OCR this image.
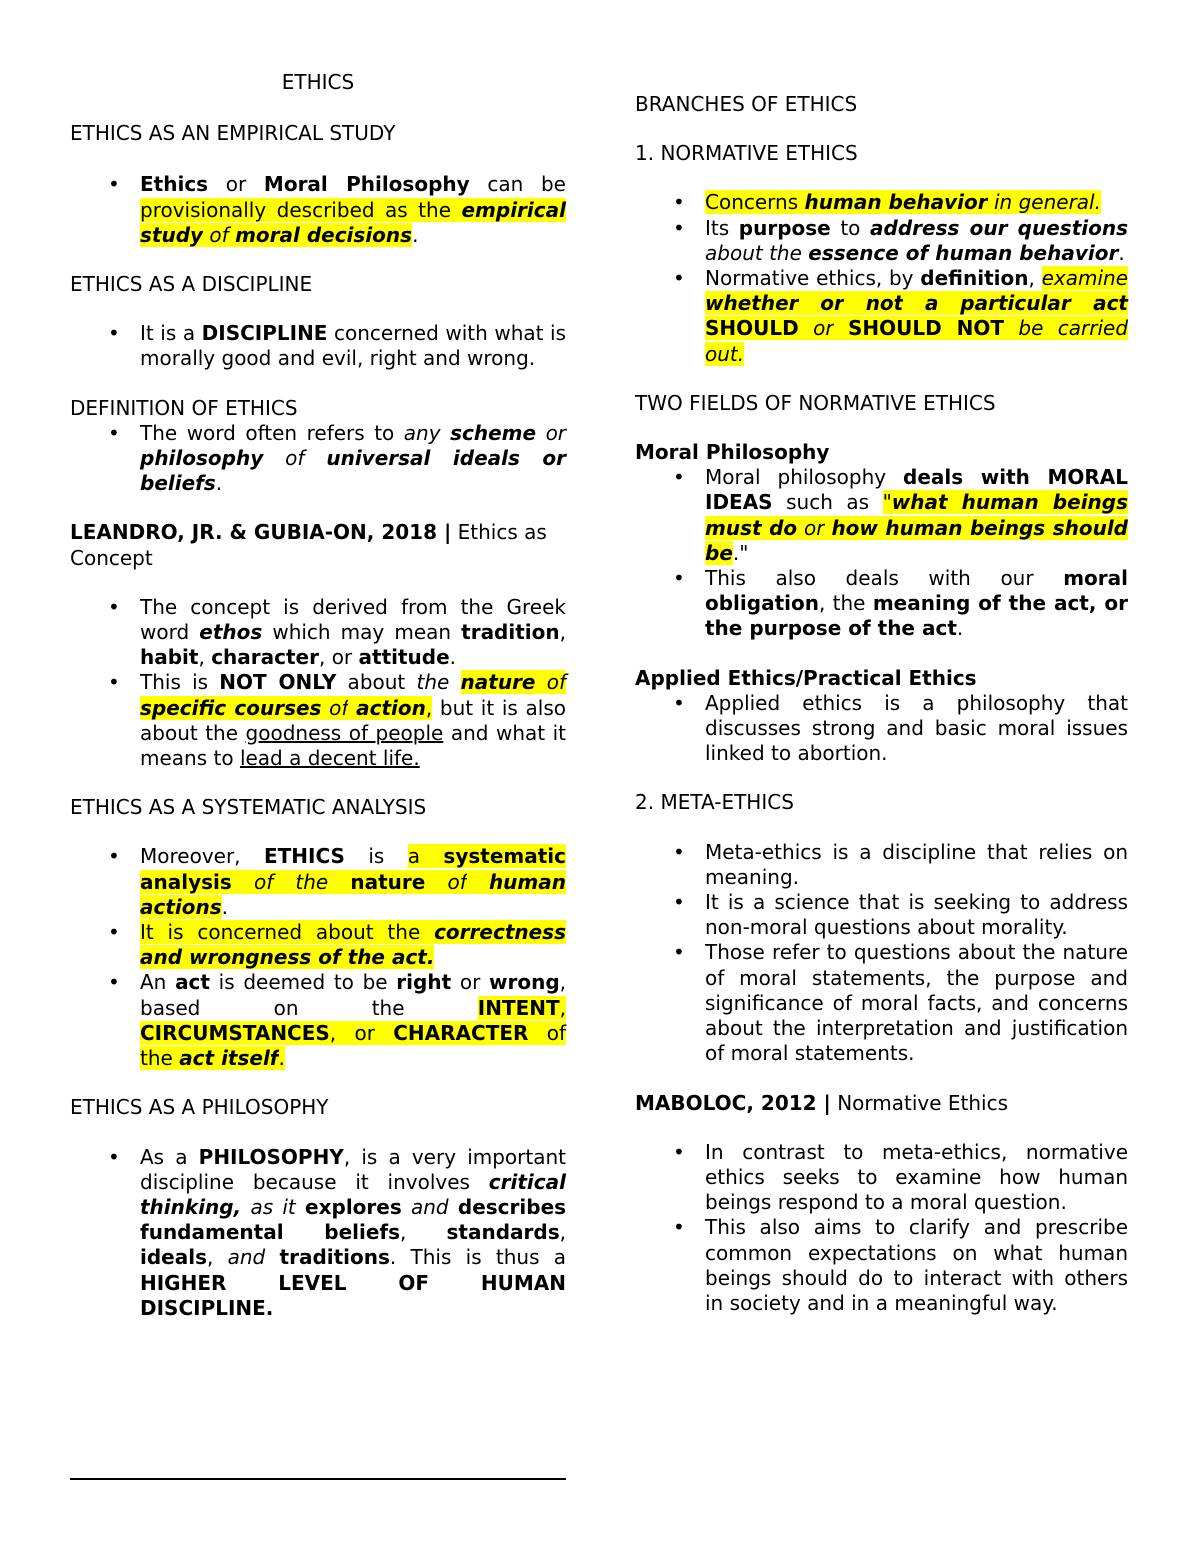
ETHICS

ETHICS AS AN EMPIRICAL STUDY

• Ethics or Moral Philosophy can be provisionally described as the empirical study of moral decisions.

ETHICS AS A DISCIPLINE

• It is a DISCIPLINE concerned with what is morally good and evil, right and wrong.

DEFINITION OF ETHICS

• The word often refers to any scheme or philosophy of universal ideals or beliefs.

LEANDRO, JR. & GUBIA-ON, 2018 | Ethics as Concept

• The concept is derived from the Greek word ethos which may mean tradition, habit, character, or attitude.
• This is NOT ONLY about the nature of specific courses of action, but it is also about the goodness of people and what it means to lead a decent life.

ETHICS AS A SYSTEMATIC ANALYSIS

• Moreover, ETHICS is a systematic analysis of the nature of human actions.
• It is concerned about the correctness and wrongness of the act.
• An act is deemed to be right or wrong, based on the INTENT, CIRCUMSTANCES, or CHARACTER of the act itself.

ETHICS AS A PHILOSOPHY

• As a PHILOSOPHY, is a very important discipline because it involves critical thinking, as it explores and describes fundamental beliefs, standards, ideals, and traditions. This is thus a HIGHER LEVEL OF HUMAN DISCIPLINE.

BRANCHES OF ETHICS

1. NORMATIVE ETHICS

• Concerns human behavior in general.
• Its purpose to address our questions about the essence of human behavior.
• Normative ethics, by definition, examine whether or not a particular act SHOULD or SHOULD NOT be carried out.

TWO FIELDS OF NORMATIVE ETHICS

Moral Philosophy

• Moral philosophy deals with MORAL IDEAS such as "what human beings must do or how human beings should be."
• This also deals with our moral obligation, the meaning of the act, or the purpose of the act.

Applied Ethics/Practical Ethics

• Applied ethics is a philosophy that discusses strong and basic moral issues linked to abortion.

2. META-ETHICS

• Meta-ethics is a discipline that relies on meaning.
• It is a science that is seeking to address non-moral questions about morality.
• Those refer to questions about the nature of moral statements, the purpose and significance of moral facts, and concerns about the interpretation and justification of moral statements.

MABOLOC, 2012 | Normative Ethics

• In contrast to meta-ethics, normative ethics seeks to examine how human beings respond to a moral question.
• This also aims to clarify and prescribe common expectations on what human beings should do to interact with others in society and in a meaningful way.
